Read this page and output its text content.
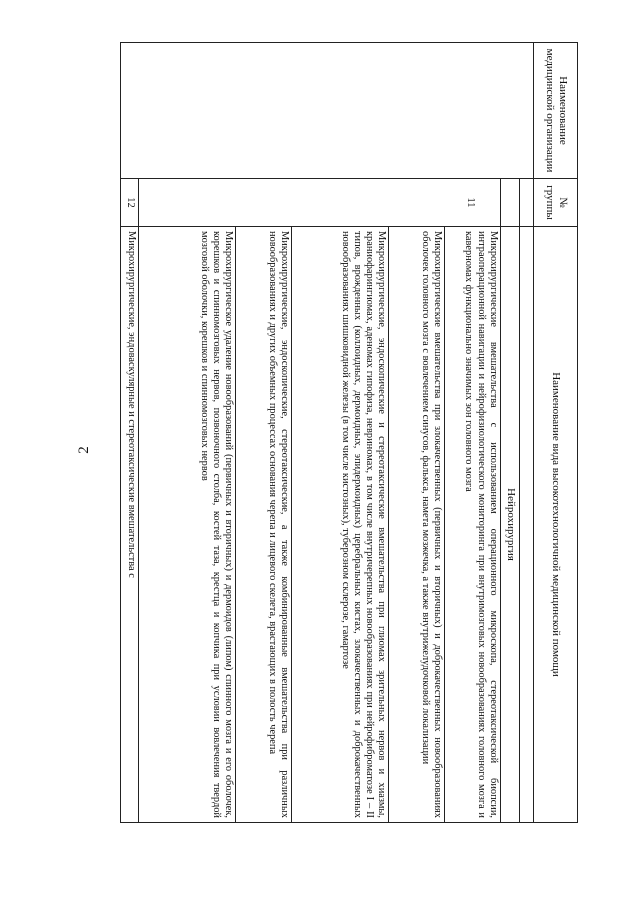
2
Наименование медицинской организации	№ группы	Наименование вида высокотехнологичной медицинской помощи

		Нейрохирургия
	11	Микрохирургические вмешательства с использованием операционного микроскопа, стереотаксической биопсии, интраоперационной навигации и нейрофизиологического мониторинга при внутримозговых новообразованиях головного мозга и каверномах функционально значимых зон головного мозга
		Микрохирургические вмешательства при злокачественных (первичных и вторичных) и доброкачественных новообразованиях оболочек головного мозга с вовлечением синусов, фалькса, намета мозжечка, а также внутрижелудочковой локализации
		Микрохирургические, эндоскопические и стереотаксические вмешательства при глиомах зрительных нервов и хиазмы, краниофарингиомах, аденомах гипофиза, невриномах, в том числе внутричерепных новообразованиях при нейрофиброматозе I – II типов, врожденных (коллоидных, дермоидных, эпидермоидных) церебральных кистах, злокачественных и доброкачественных новообразованиях шишковидной железы (в том числе кистозных), туберозном склерозе, гамартозе
		Микрохирургические, эндоскопические, стереотаксические, а также комбинированные вмешательства при различных новообразованиях и других объемных процессах основания черепа и лицевого скелета, врастающих в полость черепа
		Микрохирургическое удаление новообразований (первичных и вторичных) и дермоидов (липом) спинного мозга и его оболочек, корешков и спинномозговых нервов, позвоночного столба, костей таза, крестца и копчика при условии вовлечения твердой мозговой оболочки, корешков и спинномозговых нервов
	12	Микрохирургические, эндоваскулярные и стереотаксические вмешательства с
